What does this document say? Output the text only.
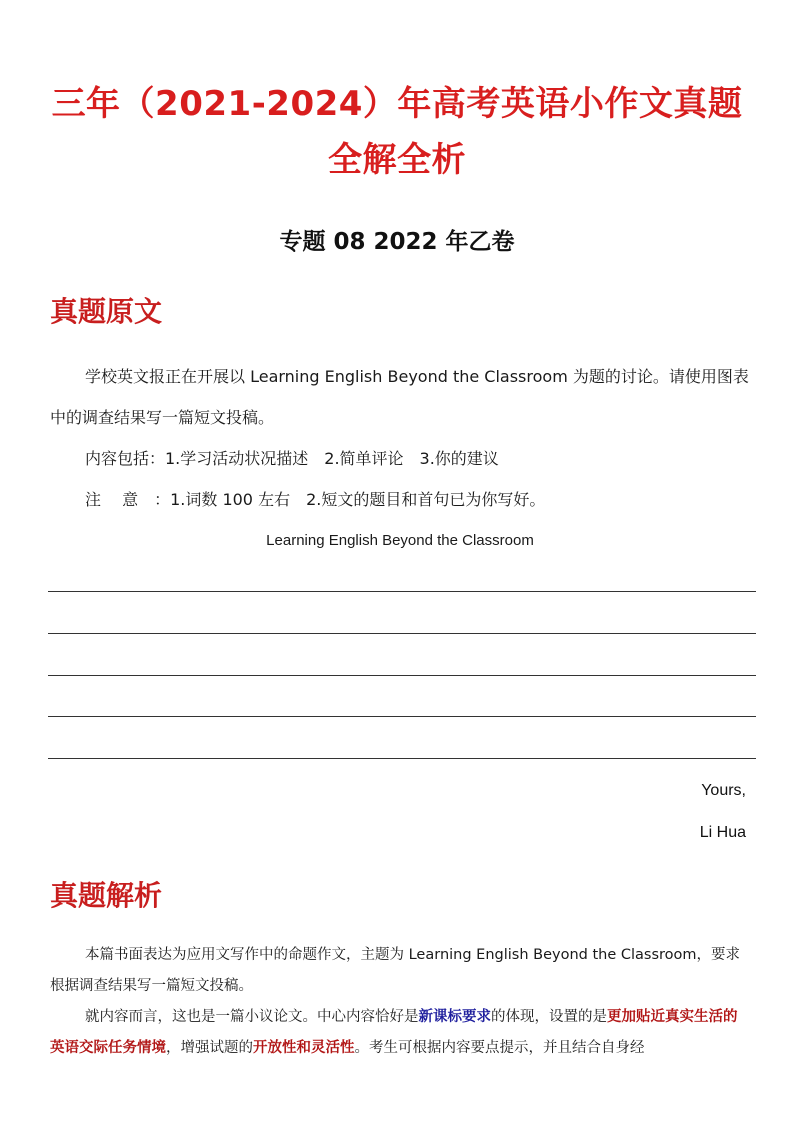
三年（2021-2024）年高考英语小作文真题全解全析
专题 08 2022 年乙卷
真题原文

学校英文报正在开展以 Learning English Beyond the Classroom 为题的讨论。请使用图表中的调查结果写一篇短文投稿。

内容包括：1.学习活动状况描述　2.简单评论　3.你的建议

注　 意　：1.词数 100 左右　2.短文的题目和首句已为你写好。

Learning English Beyond the Classroom

Yours,
Li Hua
真题解析

本篇书面表达为应用文写作中的命题作文，主题为 Learning English Beyond the Classroom，要求根据调查结果写一篇短文投稿。

就内容而言，这也是一篇小议论文。中心内容恰好是新课标要求的体现，设置的是更加贴近真实生活的英语交际任务情境，增强试题的开放性和灵活性。考生可根据内容要点提示，并且结合自身经
